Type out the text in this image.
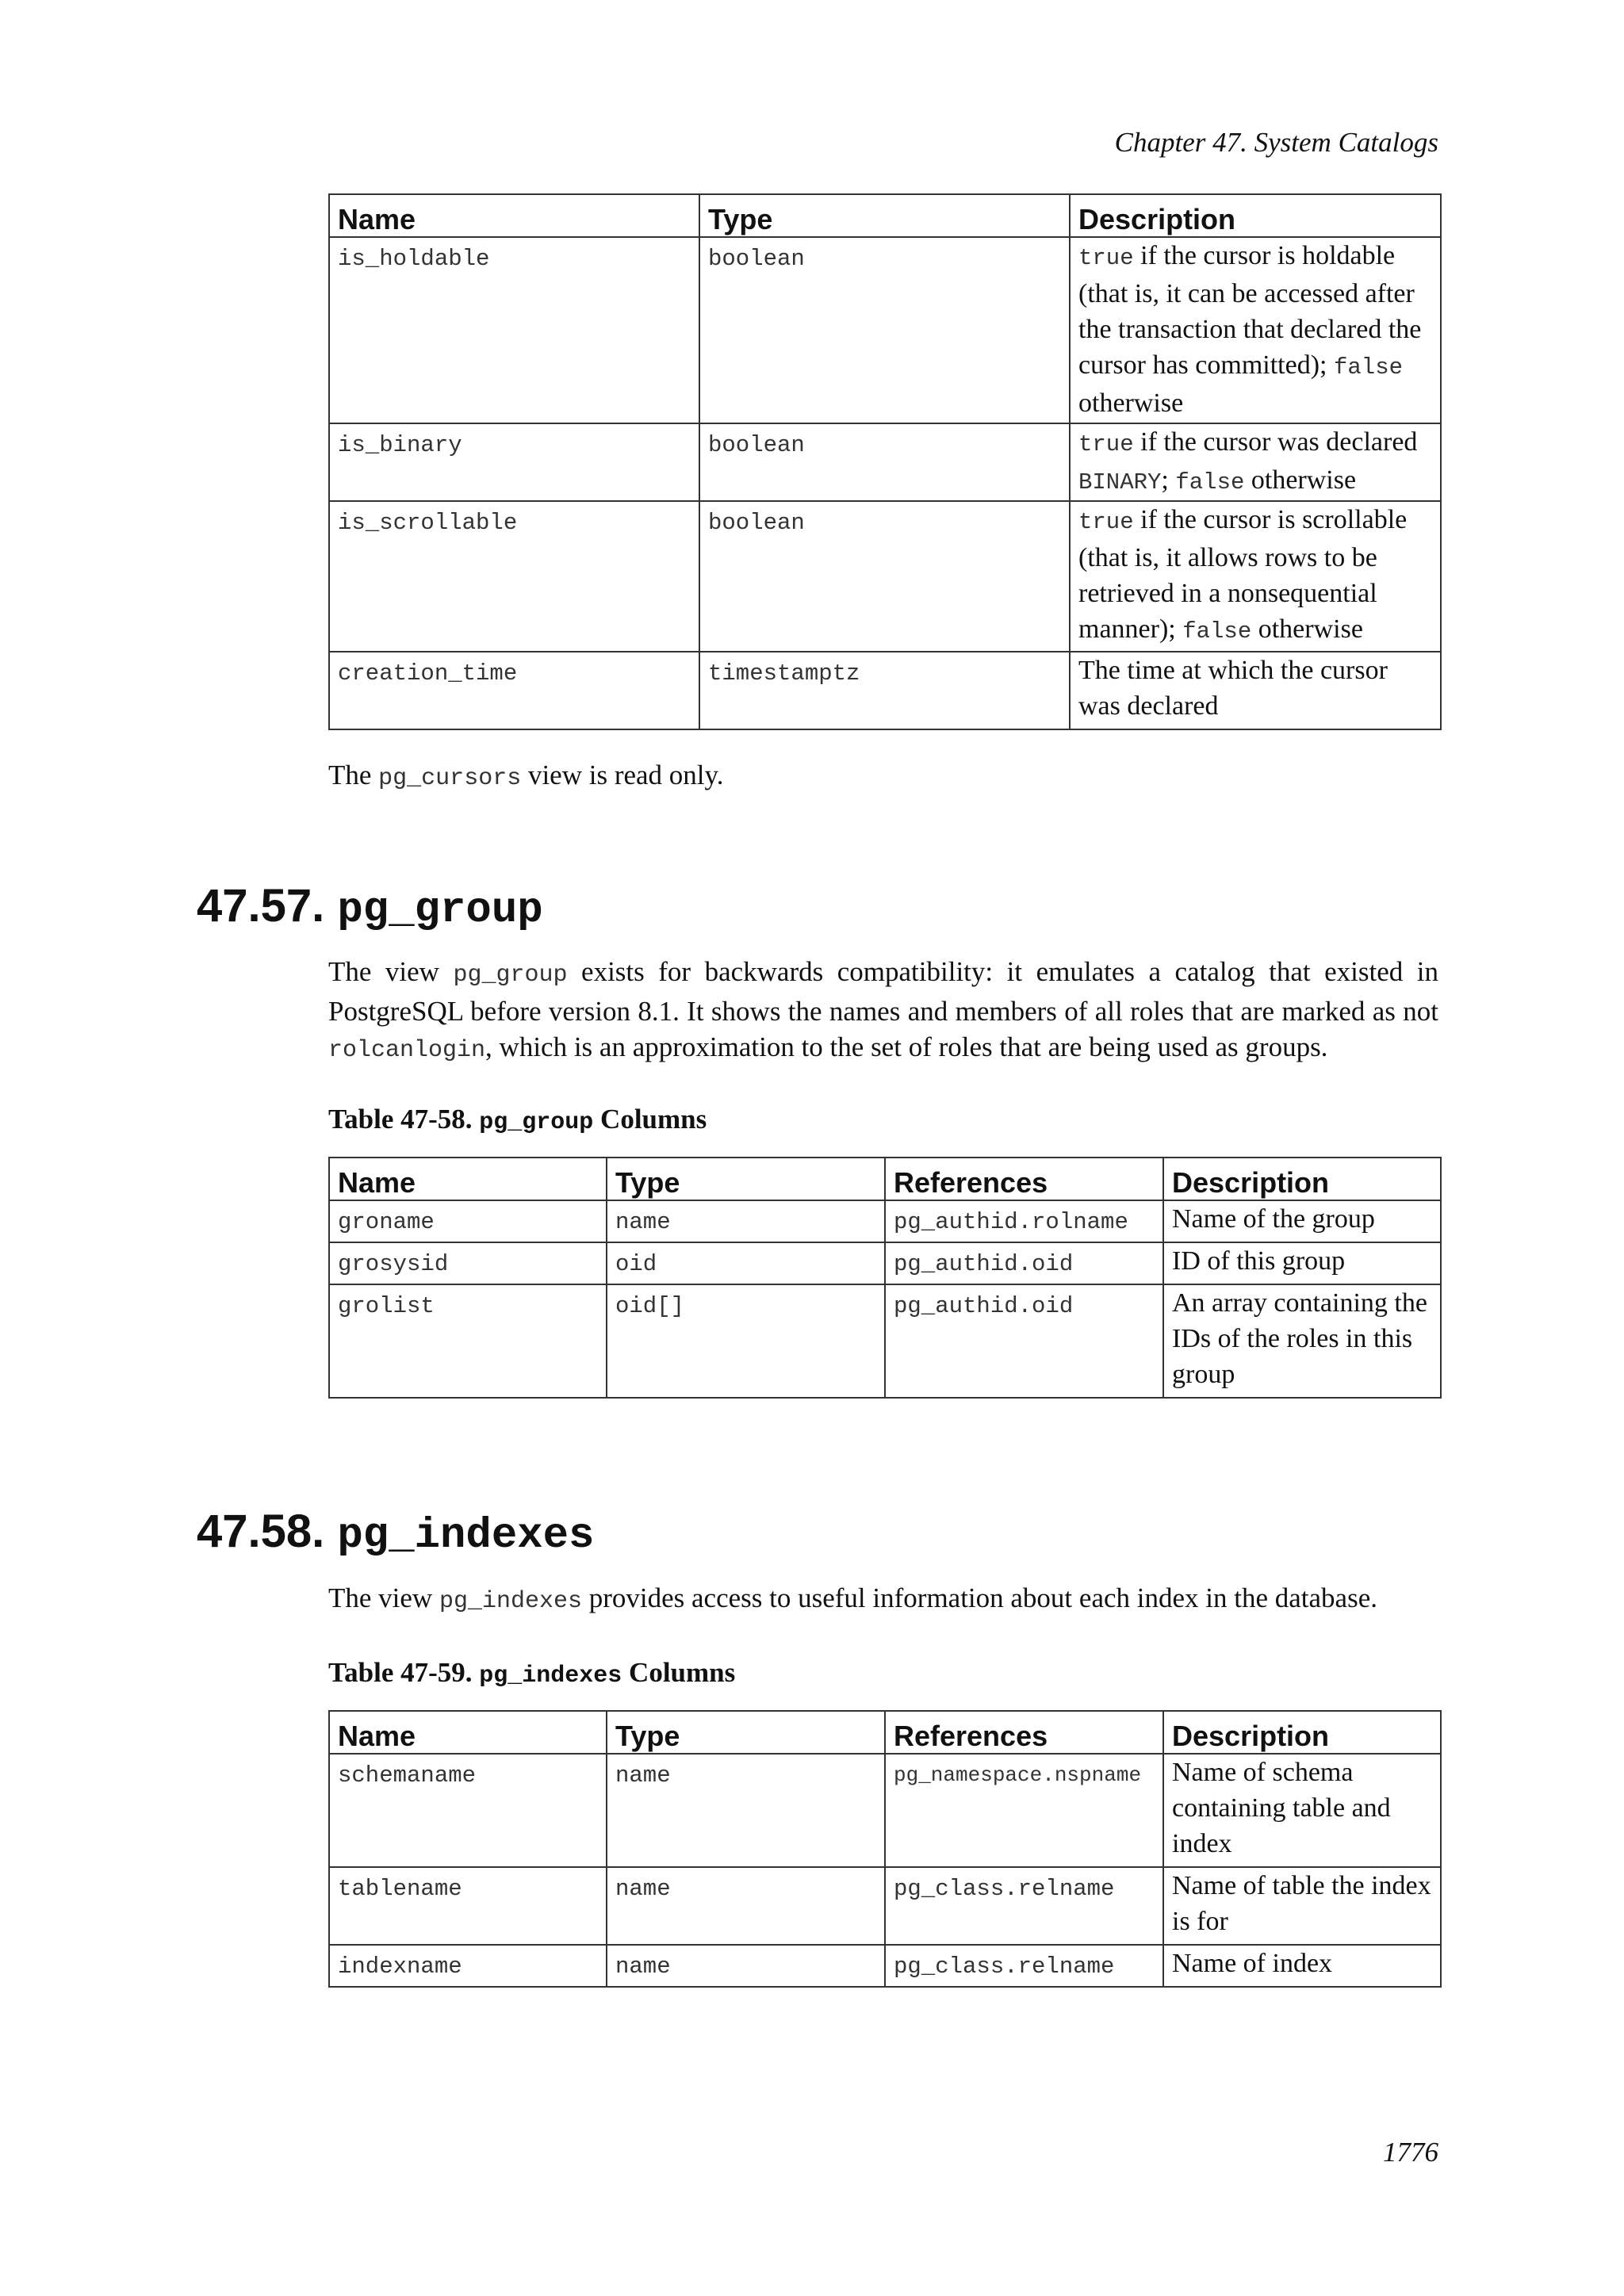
Chapter 47. System Catalogs
Name	Type	Description
is_holdable	boolean	true if the cursor is holdable (that is, it can be accessed after the transaction that declared the cursor has committed); false otherwise
is_binary	boolean	true if the cursor was declared BINARY; false otherwise
is_scrollable	boolean	true if the cursor is scrollable (that is, it allows rows to be retrieved in a nonsequential manner); false otherwise
creation_time	timestamptz	The time at which the cursor was declared
The pg_cursors view is read only.
47.57. pg_group
The view pg_group exists for backwards compatibility: it emulates a catalog that existed in PostgreSQL before version 8.1. It shows the names and members of all roles that are marked as not rolcanlogin, which is an approximation to the set of roles that are being used as groups.
Table 47-58. pg_group Columns
Name	Type	References	Description
groname	name	pg_authid.rolname	Name of the group
grosysid	oid	pg_authid.oid	ID of this group
grolist	oid[]	pg_authid.oid	An array containing the IDs of the roles in this group
47.58. pg_indexes
The view pg_indexes provides access to useful information about each index in the database.
Table 47-59. pg_indexes Columns
Name	Type	References	Description
schemaname	name	pg_namespace.nspname	Name of schema containing table and index
tablename	name	pg_class.relname	Name of table the index is for
indexname	name	pg_class.relname	Name of index
1776
